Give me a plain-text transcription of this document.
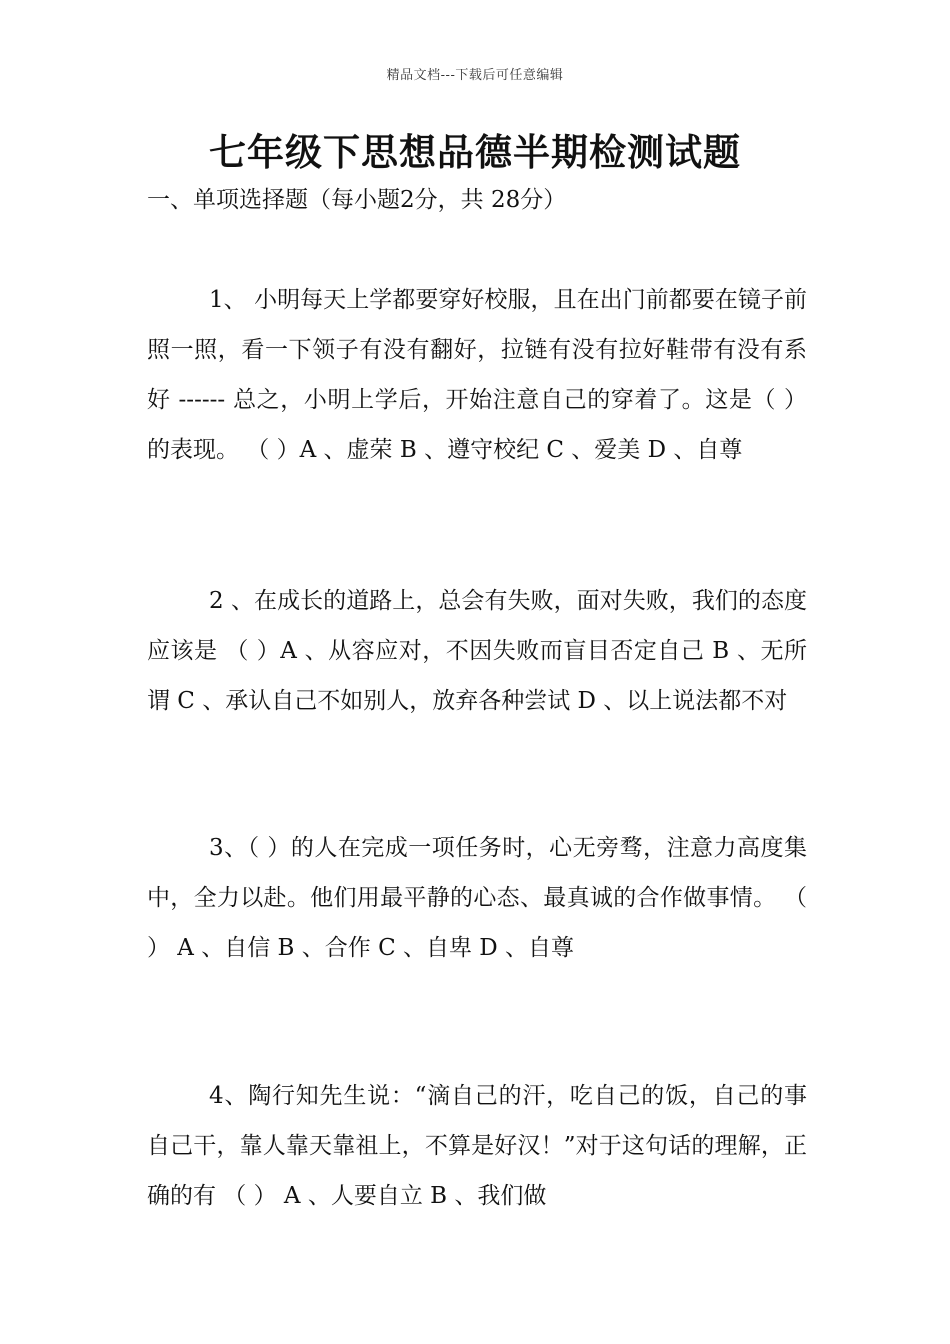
精品文档---下载后可任意编辑
七年级下思想品德半期检测试题
一、单项选择题（每小题2分，共 28分）
1、 小明每天上学都要穿好校服，且在出门前都要在镜子前照一照，看一下领子有没有翻好，拉链有没有拉好鞋带有没有系好 ------ 总之，小明上学后，开始注意自己的穿着了。这是（ ）的表现。 （ ）A 、虚荣 B 、遵守校纪 C 、爱美 D 、自尊
2 、在成长的道路上，总会有失败，面对失败，我们的态度应该是 （ ）A 、从容应对，不因失败而盲目否定自己 B 、无所谓 C 、承认自己不如别人，放弃各种尝试 D 、以上说法都不对
3、（ ）的人在完成一项任务时，心无旁骛，注意力高度集中，全力以赴。他们用最平静的心态、最真诚的合作做事情。 （ ） A 、自信 B 、合作 C 、自卑 D 、自尊
4、陶行知先生说：“滴自己的汗，吃自己的饭，自己的事自己干，靠人靠天靠祖上，不算是好汉！”对于这句话的理解，正确的有 （ ） A 、人要自立 B 、我们做
